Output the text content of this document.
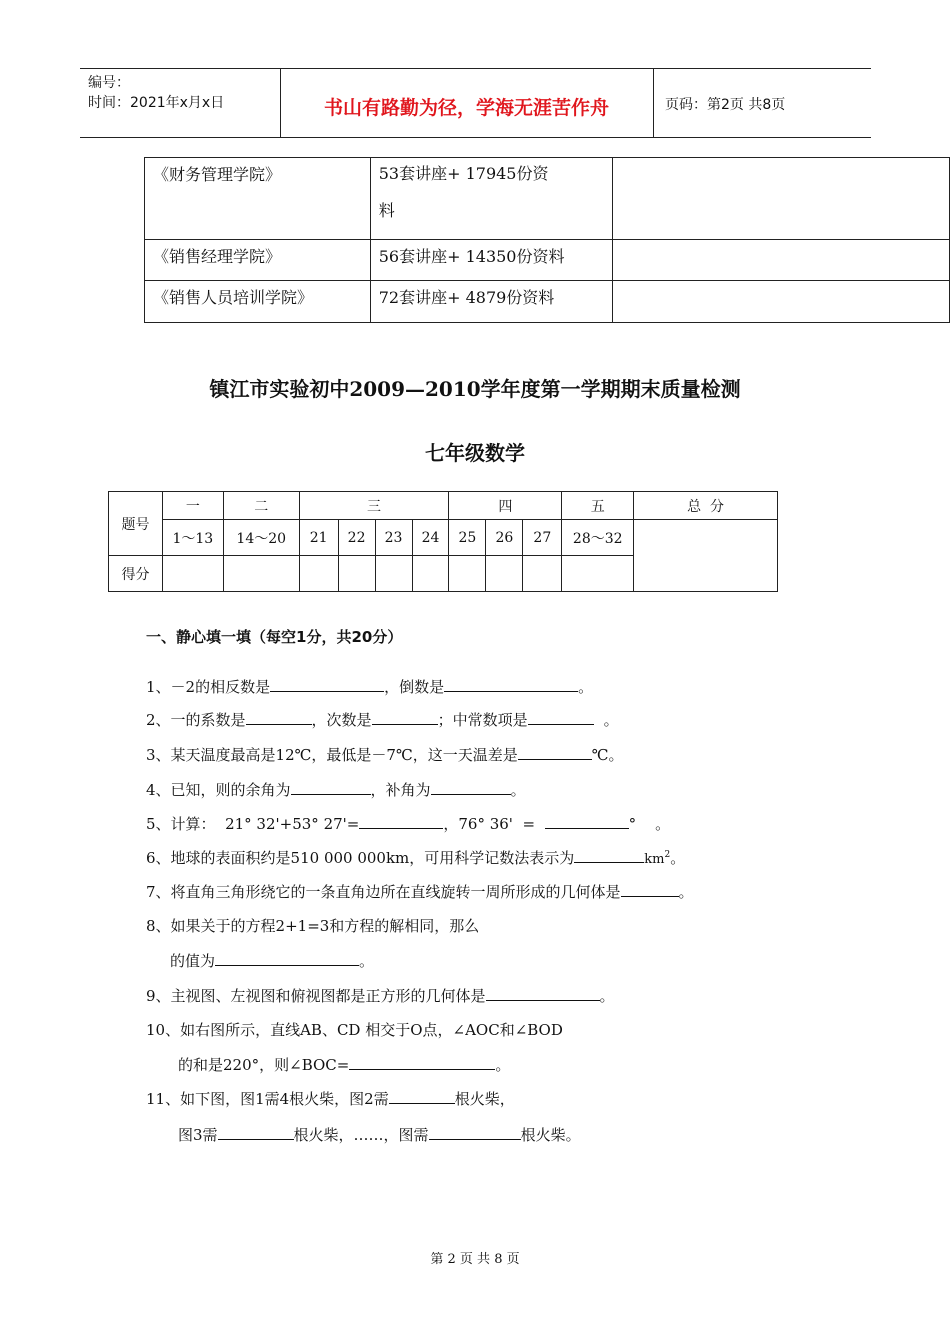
编号：
时间：2021年x月x日	书山有路勤为径，学海无涯苦作舟	页码：第2页 共8页
《财务管理学院》	53套讲座+ 17945份资
料	

《销售经理学院》	56套讲座+ 14350份资料	
《销售人员培训学院》	72套讲座+ 4879份资料	
镇江市实验初中2009—2010学年度第一学期期末质量检测
七年级数学
题号	一	二	三				四			五	总  分
	1～13	14～20	21	22	23	24	25	26	27	28～32	
得分											
一、静心填一填（每空1分，共20分）
1、－2的相反数是	，倒数是	。
2、一的系数是	，次数是	；中常数项是	。
3、某天温度最高是12℃，最低是－7℃，这一天温差是	℃。
4、已知，则的余角为	，补角为	。
5、计算：  21° 32'+53° 27'=	，76° 36'  =	°    。
6、地球的表面积约是510 000 000km，可用科学记数法表示为	$km^2$。
7、将直角三角形绕它的一条直角边所在直线旋转一周所形成的几何体是	。
8、如果关于的方程2+1=3和方程的解相同，那么
的值为	。
9、主视图、左视图和俯视图都是正方形的几何体是	。
10、如右图所示，直线AB、CD 相交于O点，∠AOC和∠BOD
的和是220°，则∠BOC=	。
11、如下图，图1需4根火柴，图2需	根火柴，
图3需	根火柴，……，图需	根火柴。
第 2 页 共 8 页
